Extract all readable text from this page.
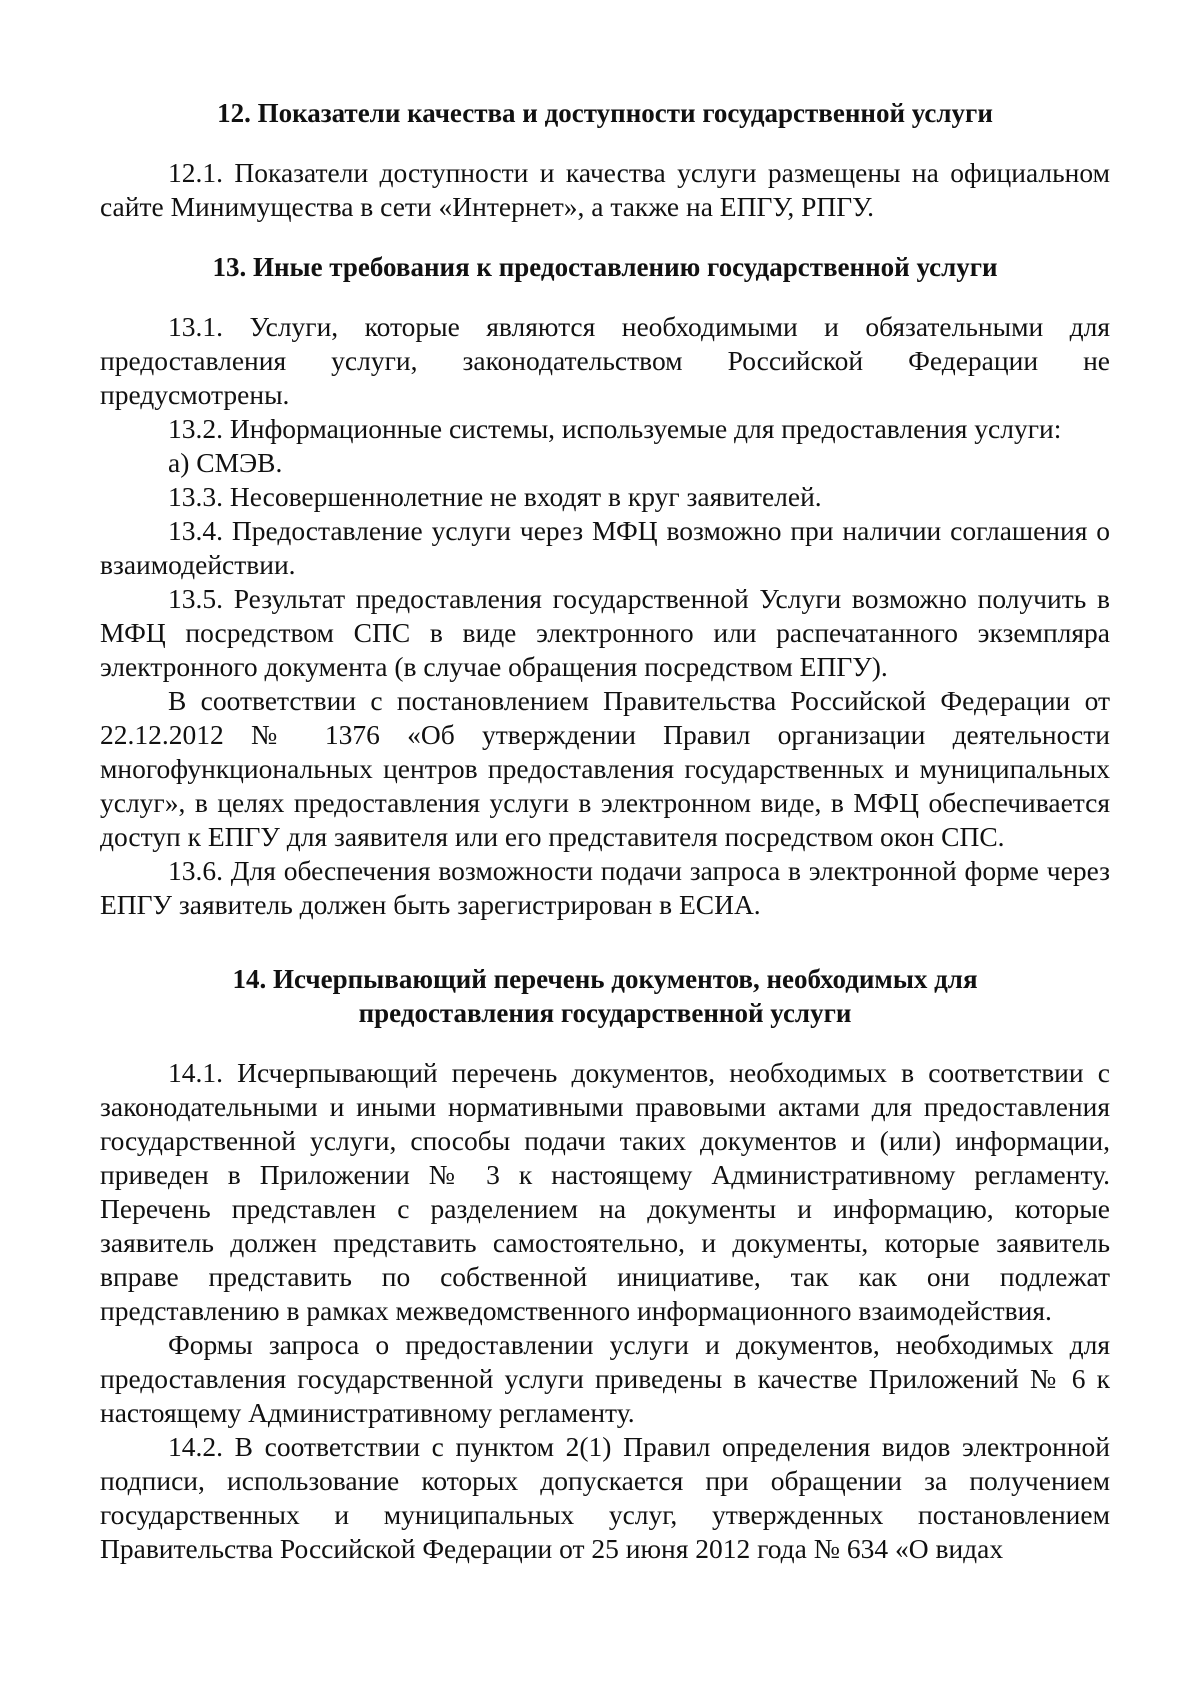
12. Показатели качества и доступности государственной услуги

12.1. Показатели доступности и качества услуги размещены на официальном сайте Минимущества в сети «Интернет», а также на ЕПГУ, РПГУ.

13. Иные требования к предоставлению государственной услуги

13.1. Услуги, которые являются необходимыми и обязательными для предоставления услуги, законодательством Российской Федерации не предусмотрены.

13.2. Информационные системы, используемые для предоставления услуги:

а) СМЭВ.

13.3. Несовершеннолетние не входят в круг заявителей.

13.4. Предоставление услуги через МФЦ возможно при наличии соглашения о взаимодействии.

13.5. Результат предоставления государственной Услуги возможно получить в МФЦ посредством СПС в виде электронного или распечатанного экземпляра электронного документа (в случае обращения посредством ЕПГУ).

В соответствии с постановлением Правительства Российской Федерации от 22.12.2012 № 1376 «Об утверждении Правил организации деятельности многофункциональных центров предоставления государственных и муниципальных услуг», в целях предоставления услуги в электронном виде, в МФЦ обеспечивается доступ к ЕПГУ для заявителя или его представителя посредством окон СПС.

13.6. Для обеспечения возможности подачи запроса в электронной форме через ЕПГУ заявитель должен быть зарегистрирован в ЕСИА.

14. Исчерпывающий перечень документов, необходимых для
предоставления государственной услуги

14.1. Исчерпывающий перечень документов, необходимых в соответствии с законодательными и иными нормативными правовыми актами для предоставления государственной услуги, способы подачи таких документов и (или) информации, приведен в Приложении № 3 к настоящему Административному регламенту. Перечень представлен с разделением на документы и информацию, которые заявитель должен представить самостоятельно, и документы, которые заявитель вправе представить по собственной инициативе, так как они подлежат представлению в рамках межведомственного информационного взаимодействия.

Формы запроса о предоставлении услуги и документов, необходимых для предоставления государственной услуги приведены в качестве Приложений № 6 к настоящему Административному регламенту.

14.2. В соответствии с пунктом 2(1) Правил определения видов электронной подписи, использование которых допускается при обращении за получением государственных и муниципальных услуг, утвержденных постановлением Правительства Российской Федерации от 25 июня 2012 года № 634 «О видах
